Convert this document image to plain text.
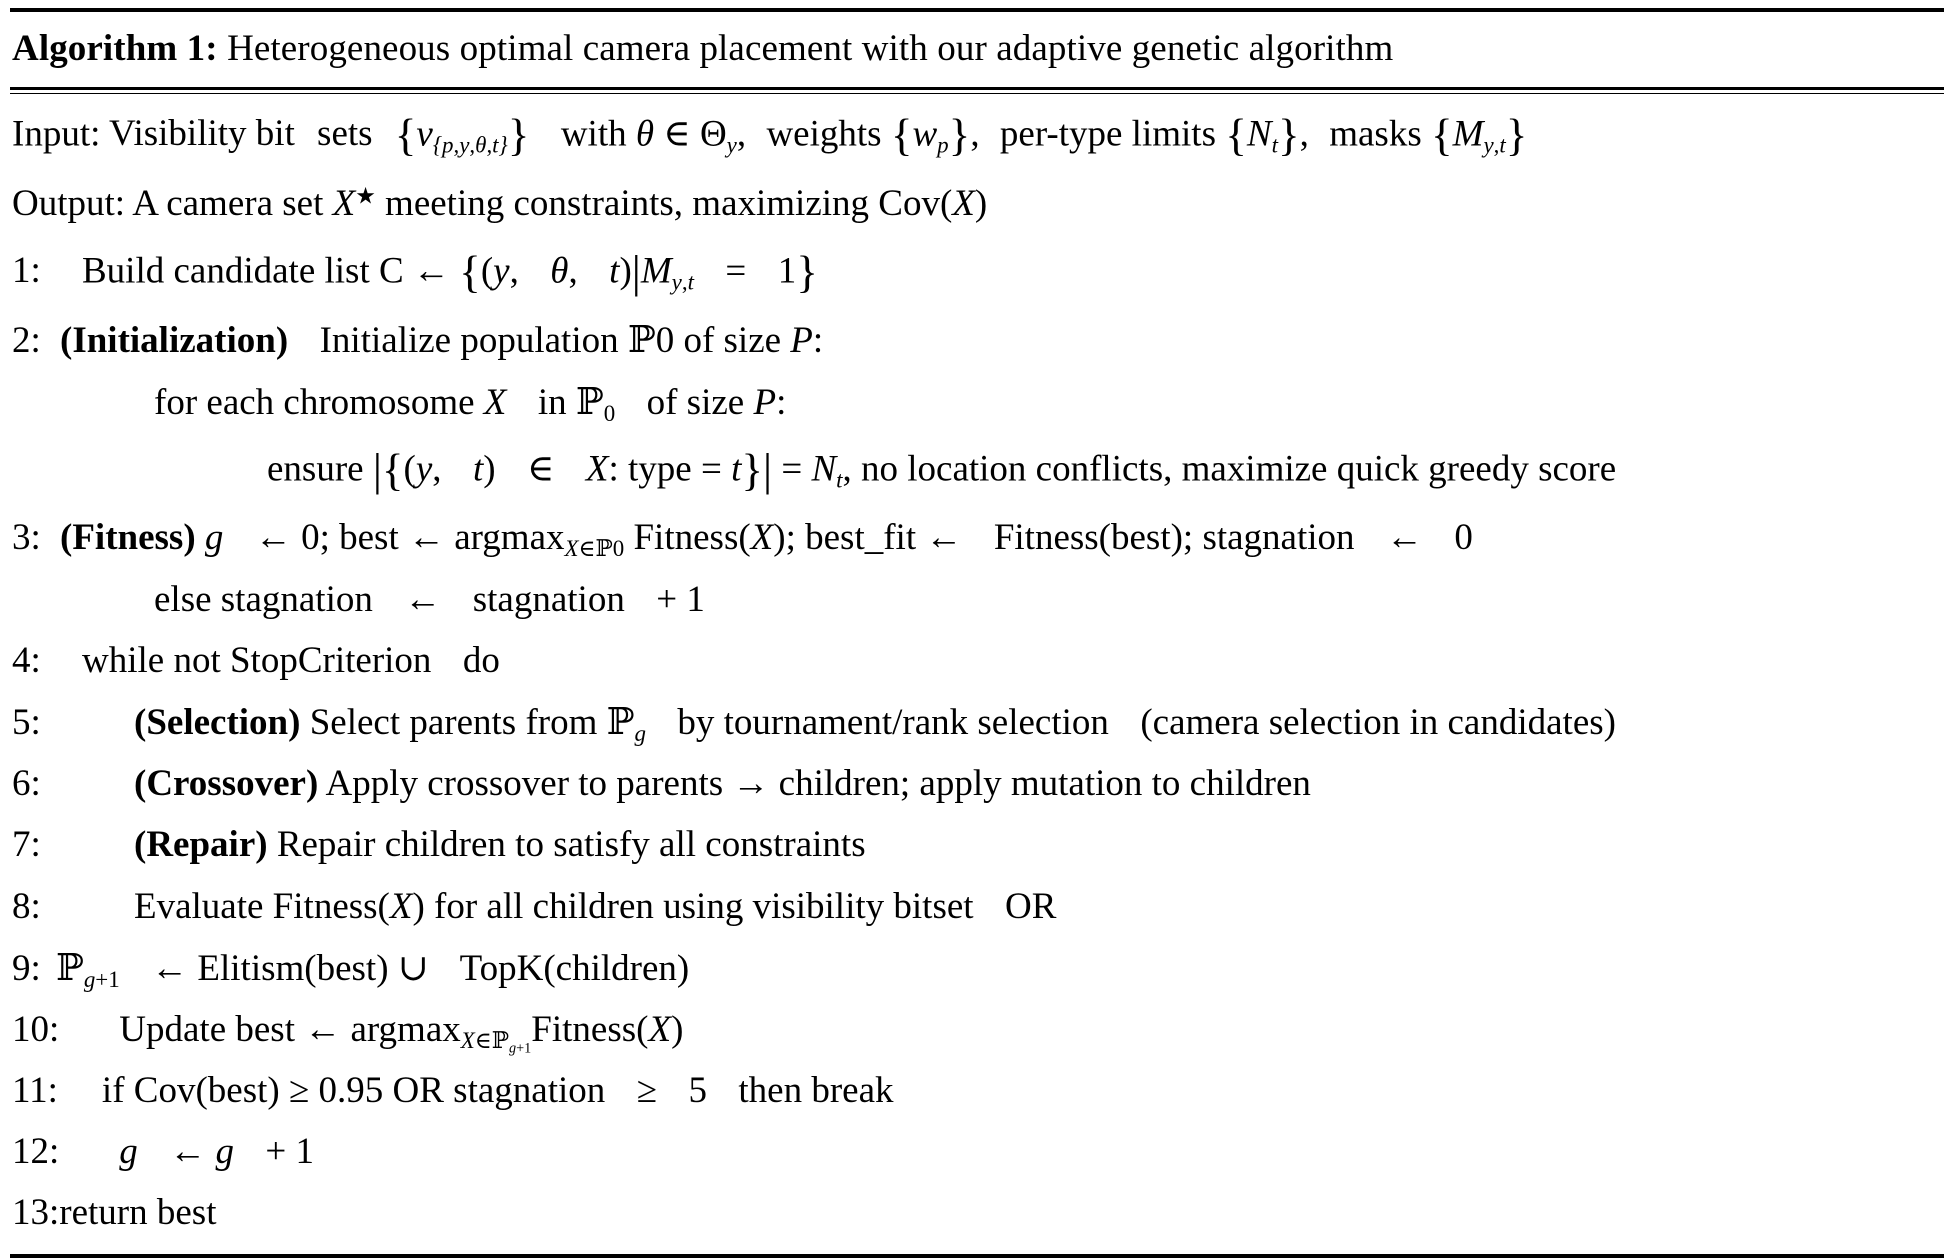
Algorithm 1: Heterogeneous optimal camera placement with our adaptive genetic algorithm
Input: Visibility bit sets $\{v_{\{p,y,\theta,t\}}\}$ with θ ∈ $\Theta_y$, weights $\{w_p\}$, per-type limits $\{N_t\}$, masks $\{M_{y,t}\}$
Output: A camera set X★ meeting constraints, maximizing Cov(X)
1:	Build candidate list C ← {(y, θ, $t)|M_{y,t} = 1$}
2: (Initialization) Initialize population ℙ0 of size P:
for each chromosome X in ℙ$_0$ of size P:
ensure |{(y, t) ∈ X: type = $t\}| = N_t$, no location conflicts, maximize quick greedy score
3: (Fitness) g ← 0; best ← argmax$_{X\in ℙ0}$ Fitness(X); best_fit ← Fitness(best); stagnation ← 0
else stagnation ← stagnation + 1
4:	while not StopCriterion do
5:	(Selection) Select parents from ℙ$_g$ by tournament/rank selection (camera selection in candidates)
6:	(Crossover) Apply crossover to parents → children; apply mutation to children
7:	(Repair) Repair children to satisfy all constraints
8:	Evaluate Fitness(X) for all children using visibility bitset OR
9: ℙ$_{g+1}$ ← Elitism(best) ∪ TopK(children)
10: Update best ← argmax$_{X\in ℙ_{g+1}}$Fitness(X)
11: if Cov(best) ≥ 0.95 OR stagnation ≥ 5 then break
12: g ← g + 1
13: return best
